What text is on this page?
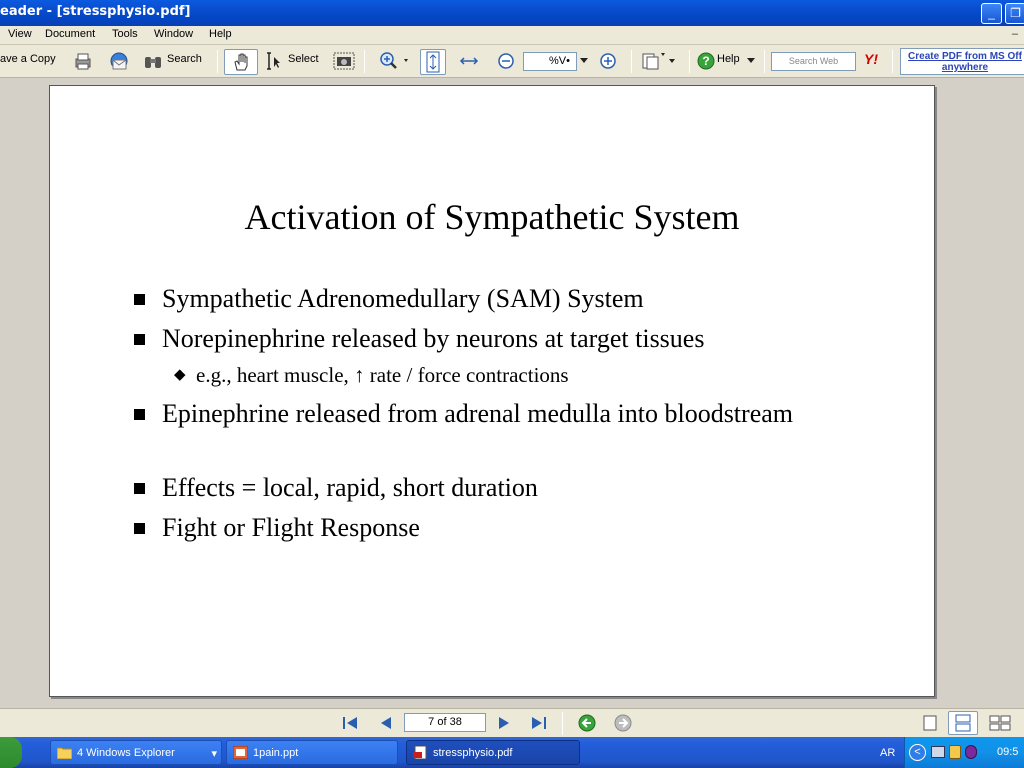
eader - [stressphysio.pdf]	_	❐
View Document Tools Window Help	–
ave a Copy	Search	Select	? Help	Y!
%V•	Search Web	Create PDF from MS Off
anywhere
Activation of Sympathetic System
Sympathetic Adrenomedullary (SAM) System
Norepinephrine released by neurons at target tissues
◆ e.g., heart muscle, ↑ rate / force contractions
Epinephrine released from adrenal medulla into bloodstream
Effects = local, rapid, short duration
Fight or Flight Response
7 of 38
4 Windows Explorer	▾	1pain.ppt	stressphysio.pdf	AR	<	09:5
